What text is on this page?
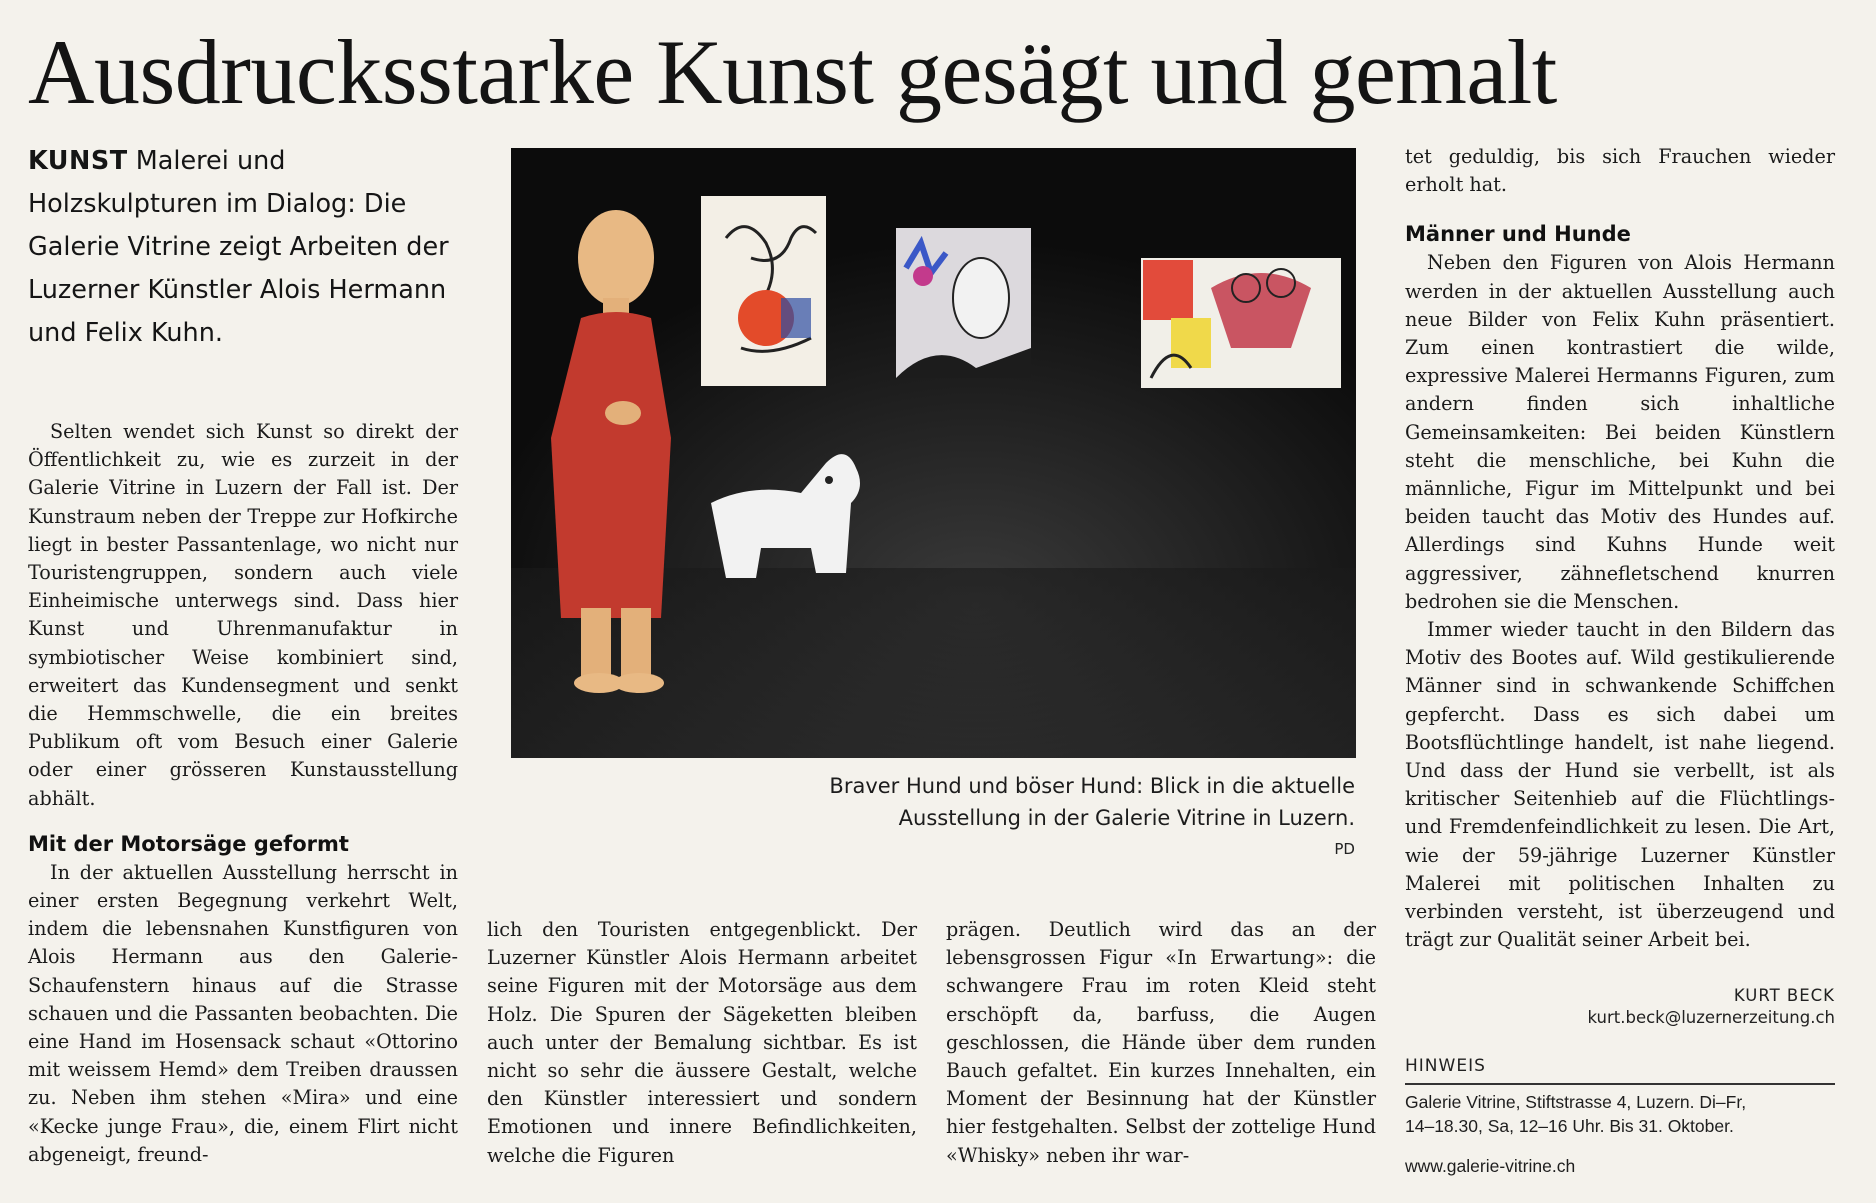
Ausdrucksstarke Kunst gesägt und gemalt
KUNST Malerei und Holzskulpturen im Dialog: Die Galerie Vitrine zeigt Arbeiten der Luzerner Künstler Alois Hermann und Felix Kuhn.

Selten wendet sich Kunst so direkt der Öffentlichkeit zu, wie es zurzeit in der Galerie Vitrine in Luzern der Fall ist. Der Kunstraum neben der Treppe zur Hofkirche liegt in bester Passantenlage, wo nicht nur Touristengruppen, sondern auch viele Einheimische unterwegs sind. Dass hier Kunst und Uhrenmanufaktur in symbiotischer Weise kombiniert sind, erweitert das Kundensegment und senkt die Hemmschwelle, die ein breites Publikum oft vom Besuch einer Galerie oder einer grösseren Kunstausstellung abhält.

Mit der Motorsäge geformt

In der aktuellen Ausstellung herrscht in einer ersten Begegnung verkehrt Welt, indem die lebensnahen Kunstfiguren von Alois Hermann aus den Galerie-Schaufenstern hinaus auf die Strasse schauen und die Passanten beobachten. Die eine Hand im Hosensack schaut «Ottorino mit weissem Hemd» dem Treiben draussen zu. Neben ihm stehen «Mira» und eine «Kecke junge Frau», die, einem Flirt nicht abgeneigt, freund-

lich den Touristen entgegenblickt. Der Luzerner Künstler Alois Hermann arbeitet seine Figuren mit der Motorsäge aus dem Holz. Die Spuren der Sägeketten bleiben auch unter der Bemalung sichtbar. Es ist nicht so sehr die äussere Gestalt, welche den Künstler interessiert und sondern Emotionen und innere Befindlichkeiten, welche die Figuren

prägen. Deutlich wird das an der lebensgrossen Figur «In Erwartung»: die schwangere Frau im roten Kleid steht erschöpft da, barfuss, die Augen geschlossen, die Hände über dem runden Bauch gefaltet. Ein kurzes Innehalten, ein Moment der Besinnung hat der Künstler hier festgehalten. Selbst der zottelige Hund «Whisky» neben ihr war-

tet geduldig, bis sich Frauchen wieder erholt hat.

Männer und Hunde

Neben den Figuren von Alois Hermann werden in der aktuellen Ausstellung auch neue Bilder von Felix Kuhn präsentiert. Zum einen kontrastiert die wilde, expressive Malerei Hermanns Figuren, zum andern finden sich inhaltliche Gemeinsamkeiten: Bei beiden Künstlern steht die menschliche, bei Kuhn die männliche, Figur im Mittelpunkt und bei beiden taucht das Motiv des Hundes auf. Allerdings sind Kuhns Hunde weit aggressiver, zähnefletschend knurren bedrohen sie die Menschen.

Immer wieder taucht in den Bildern das Motiv des Bootes auf. Wild gestikulierende Männer sind in schwankende Schiffchen gepfercht. Dass es sich dabei um Bootsflüchtlinge handelt, ist nahe liegend. Und dass der Hund sie verbellt, ist als kritischer Seitenhieb auf die Flüchtlings- und Fremdenfeindlichkeit zu lesen. Die Art, wie der 59-jährige Luzerner Künstler Malerei mit politischen Inhalten zu verbinden versteht, ist überzeugend und trägt zur Qualität seiner Arbeit bei.

Braver Hund und böser Hund: Blick in die aktuelle
Ausstellung in der Galerie Vitrine in Luzern.
PD
KURT BECK
kurt.beck@luzernerzeitung.ch
HINWEIS
Galerie Vitrine, Stiftstrasse 4, Luzern. Di–Fr,
14–18.30, Sa, 12–16 Uhr. Bis 31. Oktober.
www.galerie-vitrine.ch
